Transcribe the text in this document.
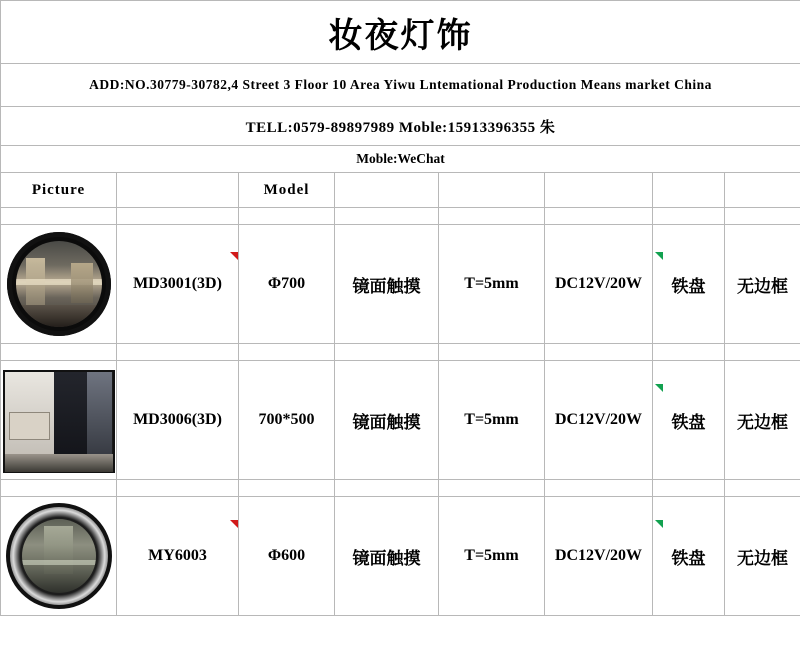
妆夜灯饰							
ADD:NO.30779-30782,4 Street 3 Floor 10 Area Yiwu Lntemational Production Means market China							
TELL:0579-89897989 Moble:15913396355 朱							
Moble:WeChat							
Picture		Model					

	MD3001(3D)	Φ700	镜面触摸	T=5mm	DC12V/20W	铁盘	无边框

	MD3006(3D)	700*500	镜面触摸	T=5mm	DC12V/20W	铁盘	无边框

	MY6003	Φ600	镜面触摸	T=5mm	DC12V/20W	铁盘	无边框
